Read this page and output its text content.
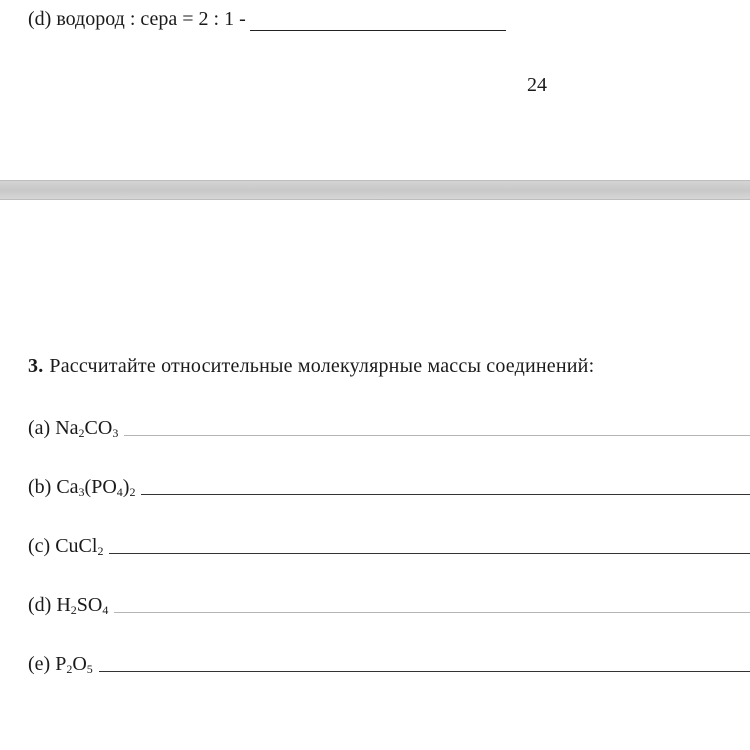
(d) водород : сера = 2 : 1 -
24
3. Рассчитайте относительные молекулярные массы соединений:
(a) $Na_2CO_3$
(b) $Ca_3(PO_4)_2$
(c) CuCl$_2$
(d) $H_2SO_4$
(e) $P_2O_5$
